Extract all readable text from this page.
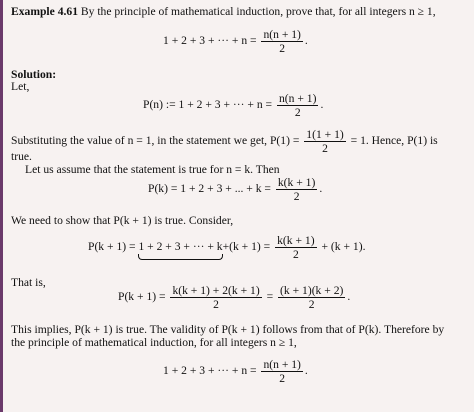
Example 4.61 By the principle of mathematical induction, prove that, for all integers n ≥ 1,
1 + 2 + 3 + ··· + $n = \frac{n(n + 1)}{2}$ .
Solution:
Let,
P(n) := 1 + 2 + 3 + ··· + $n = \frac{n(n + 1)}{2}$ .
Substituting the value of n = 1, in the statement we get, $P(1) = \frac{1(1 + 1)}{2} = 1$. Hence, P(1) is
true.
Let us assume that the statement is true for n = k. Then
P(k) = 1 + 2 + 3 + ... + $k = \frac{k(k + 1)}{2}$ .
We need to show that P(k + 1) is true. Consider,
P(k + 1) = 1 + 2 + 3 + ··· + k
$+(k + 1) = \frac{k(k + 1)}{2} + (k + 1)$.
That is,
$P(k + 1) = \frac{k(k + 1) + 2(k + 1)}{2} = \frac{(k + 1)(k + 2)}{2}$ .
This implies, P(k + 1) is true. The validity of P(k + 1) follows from that of P(k). Therefore by
the principle of mathematical induction, for all integers n ≥ 1,
1 + 2 + 3 + ··· + $n = \frac{n(n + 1)}{2}$ .
